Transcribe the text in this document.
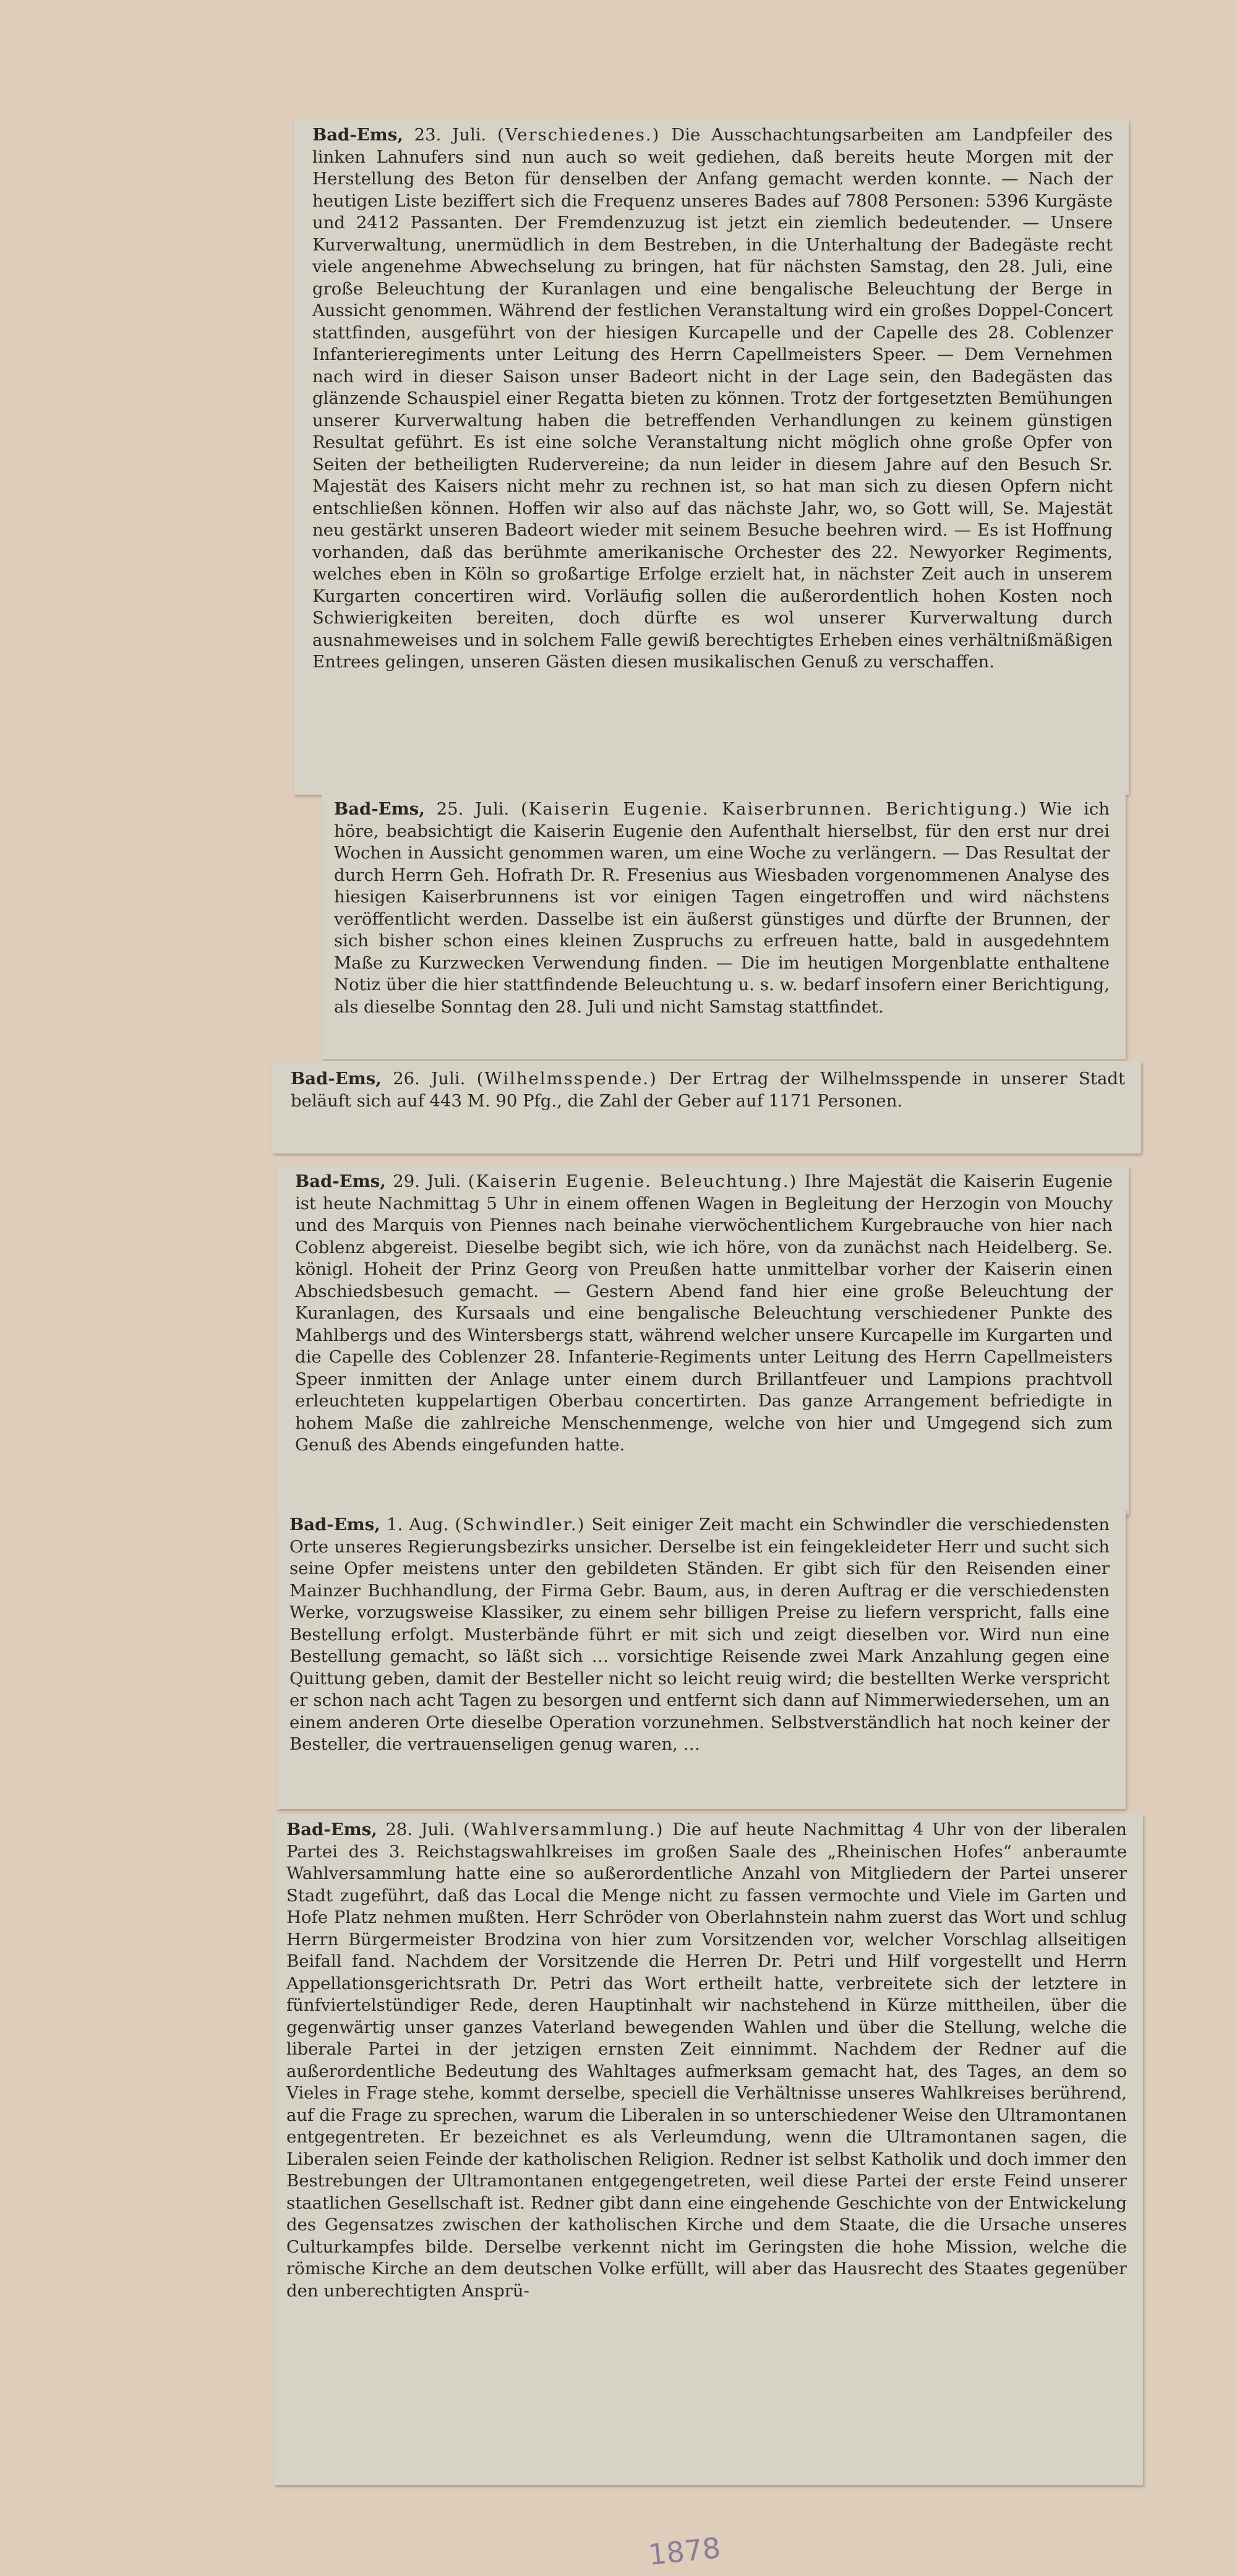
Bad-Ems, 23. Juli. (Verschiedenes.) Die Ausschachtungsarbeiten am Landpfeiler des linken Lahnufers sind nun auch so weit gediehen, daß bereits heute Morgen mit der Herstellung des Beton für denselben der Anfang gemacht werden konnte. — Nach der heutigen Liste beziffert sich die Frequenz unseres Bades auf 7808 Personen: 5396 Kurgäste und 2412 Passanten. Der Fremdenzuzug ist jetzt ein ziemlich bedeutender. — Unsere Kurverwaltung, unermüdlich in dem Bestreben, in die Unterhaltung der Badegäste recht viele angenehme Abwechselung zu bringen, hat für nächsten Samstag, den 28. Juli, eine große Beleuchtung der Kuranlagen und eine bengalische Beleuchtung der Berge in Aussicht genommen. Während der festlichen Veranstaltung wird ein großes Doppel-Concert stattfinden, ausgeführt von der hiesigen Kurcapelle und der Capelle des 28. Coblenzer Infanterieregiments unter Leitung des Herrn Capellmeisters Speer. — Dem Vernehmen nach wird in dieser Saison unser Badeort nicht in der Lage sein, den Badegästen das glänzende Schauspiel einer Regatta bieten zu können. Trotz der fortgesetzten Bemühungen unserer Kurverwaltung haben die betreffenden Verhandlungen zu keinem günstigen Resultat geführt. Es ist eine solche Veranstaltung nicht möglich ohne große Opfer von Seiten der betheiligten Rudervereine; da nun leider in diesem Jahre auf den Besuch Sr. Majestät des Kaisers nicht mehr zu rechnen ist, so hat man sich zu diesen Opfern nicht entschließen können. Hoffen wir also auf das nächste Jahr, wo, so Gott will, Se. Majestät neu gestärkt unseren Badeort wieder mit seinem Besuche beehren wird. — Es ist Hoffnung vorhanden, daß das berühmte amerikanische Orchester des 22. Newyorker Regiments, welches eben in Köln so großartige Erfolge erzielt hat, in nächster Zeit auch in unserem Kurgarten concertiren wird. Vorläufig sollen die außerordentlich hohen Kosten noch Schwierigkeiten bereiten, doch dürfte es wol unserer Kurverwaltung durch ausnahmeweises und in solchem Falle gewiß berechtigtes Erheben eines verhältnißmäßigen Entrees gelingen, unseren Gästen diesen musikalischen Genuß zu verschaffen.

Bad-Ems, 25. Juli. (Kaiserin Eugenie. Kaiserbrunnen. Berichtigung.) Wie ich höre, beabsichtigt die Kaiserin Eugenie den Aufenthalt hierselbst, für den erst nur drei Wochen in Aussicht genommen waren, um eine Woche zu verlängern. — Das Resultat der durch Herrn Geh. Hofrath Dr. R. Fresenius aus Wiesbaden vorgenommenen Analyse des hiesigen Kaiserbrunnens ist vor einigen Tagen eingetroffen und wird nächstens veröffentlicht werden. Dasselbe ist ein äußerst günstiges und dürfte der Brunnen, der sich bisher schon eines kleinen Zuspruchs zu erfreuen hatte, bald in ausgedehntem Maße zu Kurzwecken Verwendung finden. — Die im heutigen Morgenblatte enthaltene Notiz über die hier stattfindende Beleuchtung u. s. w. bedarf insofern einer Berichtigung, als dieselbe Sonntag den 28. Juli und nicht Samstag stattfindet.

Bad-Ems, 26. Juli. (Wilhelmsspende.) Der Ertrag der Wilhelmsspende in unserer Stadt beläuft sich auf 443 M. 90 Pfg., die Zahl der Geber auf 1171 Personen.

Bad-Ems, 29. Juli. (Kaiserin Eugenie. Beleuchtung.) Ihre Majestät die Kaiserin Eugenie ist heute Nachmittag 5 Uhr in einem offenen Wagen in Begleitung der Herzogin von Mouchy und des Marquis von Piennes nach beinahe vierwöchentlichem Kurgebrauche von hier nach Coblenz abgereist. Dieselbe begibt sich, wie ich höre, von da zunächst nach Heidelberg. Se. königl. Hoheit der Prinz Georg von Preußen hatte unmittelbar vorher der Kaiserin einen Abschiedsbesuch gemacht. — Gestern Abend fand hier eine große Beleuchtung der Kuranlagen, des Kursaals und eine bengalische Beleuchtung verschiedener Punkte des Mahlbergs und des Wintersbergs statt, während welcher unsere Kurcapelle im Kurgarten und die Capelle des Coblenzer 28. Infanterie-Regiments unter Leitung des Herrn Capellmeisters Speer inmitten der Anlage unter einem durch Brillantfeuer und Lampions prachtvoll erleuchteten kuppelartigen Oberbau concertirten. Das ganze Arrangement befriedigte in hohem Maße die zahlreiche Menschenmenge, welche von hier und Umgegend sich zum Genuß des Abends eingefunden hatte.

Bad-Ems, 1. Aug. (Schwindler.) Seit einiger Zeit macht ein Schwindler die verschiedensten Orte unseres Regierungsbezirks unsicher. Derselbe ist ein feingekleideter Herr und sucht sich seine Opfer meistens unter den gebildeten Ständen. Er gibt sich für den Reisenden einer Mainzer Buchhandlung, der Firma Gebr. Baum, aus, in deren Auftrag er die verschiedensten Werke, vorzugsweise Klassiker, zu einem sehr billigen Preise zu liefern verspricht, falls eine Bestellung erfolgt. Musterbände führt er mit sich und zeigt dieselben vor. Wird nun eine Bestellung gemacht, so läßt sich … vorsichtige Reisende zwei Mark Anzahlung gegen eine Quittung geben, damit der Besteller nicht so leicht reuig wird; die bestellten Werke verspricht er schon nach acht Tagen zu besorgen und entfernt sich dann auf Nimmerwiedersehen, um an einem anderen Orte dieselbe Operation vorzunehmen. Selbstverständlich hat noch keiner der Besteller, die vertrauenseligen genug waren, …

Bad-Ems, 28. Juli. (Wahlversammlung.) Die auf heute Nachmittag 4 Uhr von der liberalen Partei des 3. Reichstagswahlkreises im großen Saale des „Rheinischen Hofes“ anberaumte Wahlversammlung hatte eine so außerordentliche Anzahl von Mitgliedern der Partei unserer Stadt zugeführt, daß das Local die Menge nicht zu fassen vermochte und Viele im Garten und Hofe Platz nehmen mußten. Herr Schröder von Oberlahnstein nahm zuerst das Wort und schlug Herrn Bürgermeister Brodzina von hier zum Vorsitzenden vor, welcher Vorschlag allseitigen Beifall fand. Nachdem der Vorsitzende die Herren Dr. Petri und Hilf vorgestellt und Herrn Appellationsgerichtsrath Dr. Petri das Wort ertheilt hatte, verbreitete sich der letztere in fünfviertelstündiger Rede, deren Hauptinhalt wir nachstehend in Kürze mittheilen, über die gegenwärtig unser ganzes Vaterland bewegenden Wahlen und über die Stellung, welche die liberale Partei in der jetzigen ernsten Zeit einnimmt. Nachdem der Redner auf die außerordentliche Bedeutung des Wahltages aufmerksam gemacht hat, des Tages, an dem so Vieles in Frage stehe, kommt derselbe, speciell die Verhältnisse unseres Wahlkreises berührend, auf die Frage zu sprechen, warum die Liberalen in so unterschiedener Weise den Ultramontanen entgegentreten. Er bezeichnet es als Verleumdung, wenn die Ultramontanen sagen, die Liberalen seien Feinde der katholischen Religion. Redner ist selbst Katholik und doch immer den Bestrebungen der Ultramontanen entgegengetreten, weil diese Partei der erste Feind unserer staatlichen Gesellschaft ist. Redner gibt dann eine eingehende Geschichte von der Entwickelung des Gegensatzes zwischen der katholischen Kirche und dem Staate, die die Ursache unseres Culturkampfes bilde. Derselbe verkennt nicht im Geringsten die hohe Mission, welche die römische Kirche an dem deutschen Volke erfüllt, will aber das Hausrecht des Staates gegenüber den unberechtigten Ansprü-

1878
